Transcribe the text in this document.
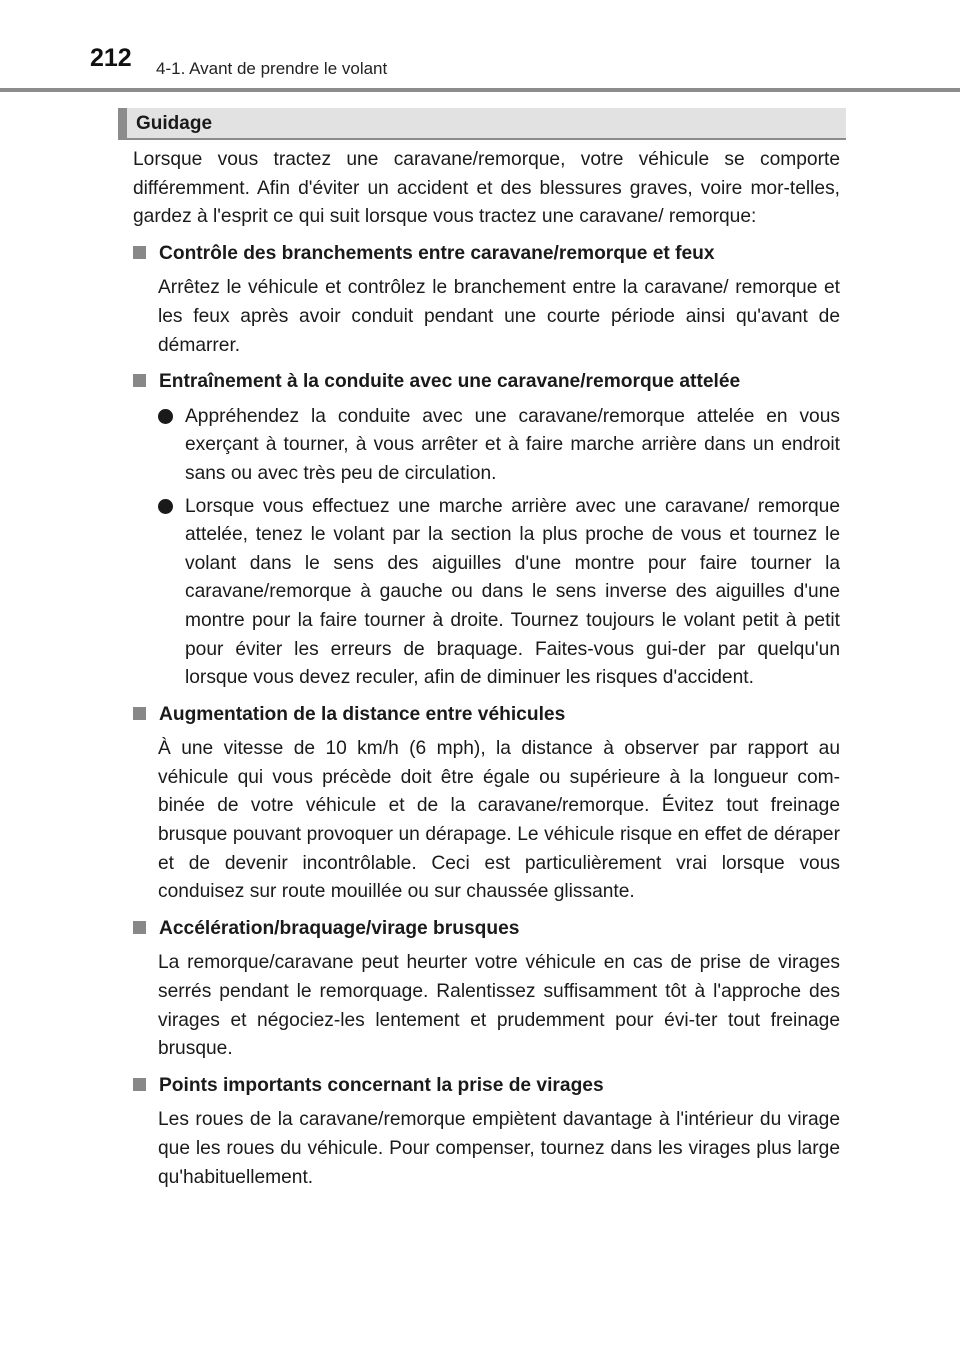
212 4-1. Avant de prendre le volant
Guidage

Lorsque vous tractez une caravane/remorque, votre véhicule se comporte différemment. Afin d'éviter un accident et des blessures graves, voire mor-telles, gardez à l'esprit ce qui suit lorsque vous tractez une caravane/ remorque:

Contrôle des branchements entre caravane/remorque et feux

Arrêtez le véhicule et contrôlez le branchement entre la caravane/ remorque et les feux après avoir conduit pendant une courte période ainsi qu'avant de démarrer.

Entraînement à la conduite avec une caravane/remorque attelée

Appréhendez la conduite avec une caravane/remorque attelée en vous exerçant à tourner, à vous arrêter et à faire marche arrière dans un endroit sans ou avec très peu de circulation.

Lorsque vous effectuez une marche arrière avec une caravane/ remorque attelée, tenez le volant par la section la plus proche de vous et tournez le volant dans le sens des aiguilles d'une montre pour faire tourner la caravane/remorque à gauche ou dans le sens inverse des aiguilles d'une montre pour la faire tourner à droite. Tournez toujours le volant petit à petit pour éviter les erreurs de braquage. Faites-vous gui-der par quelqu'un lorsque vous devez reculer, afin de diminuer les risques d'accident.

Augmentation de la distance entre véhicules

À une vitesse de 10 km/h (6 mph), la distance à observer par rapport au véhicule qui vous précède doit être égale ou supérieure à la longueur com-binée de votre véhicule et de la caravane/remorque. Évitez tout freinage brusque pouvant provoquer un dérapage. Le véhicule risque en effet de déraper et de devenir incontrôlable. Ceci est particulièrement vrai lorsque vous conduisez sur route mouillée ou sur chaussée glissante.

Accélération/braquage/virage brusques

La remorque/caravane peut heurter votre véhicule en cas de prise de virages serrés pendant le remorquage. Ralentissez suffisamment tôt à l'approche des virages et négociez-les lentement et prudemment pour évi-ter tout freinage brusque.

Points importants concernant la prise de virages

Les roues de la caravane/remorque empiètent davantage à l'intérieur du virage que les roues du véhicule. Pour compenser, tournez dans les virages plus large qu'habituellement.
